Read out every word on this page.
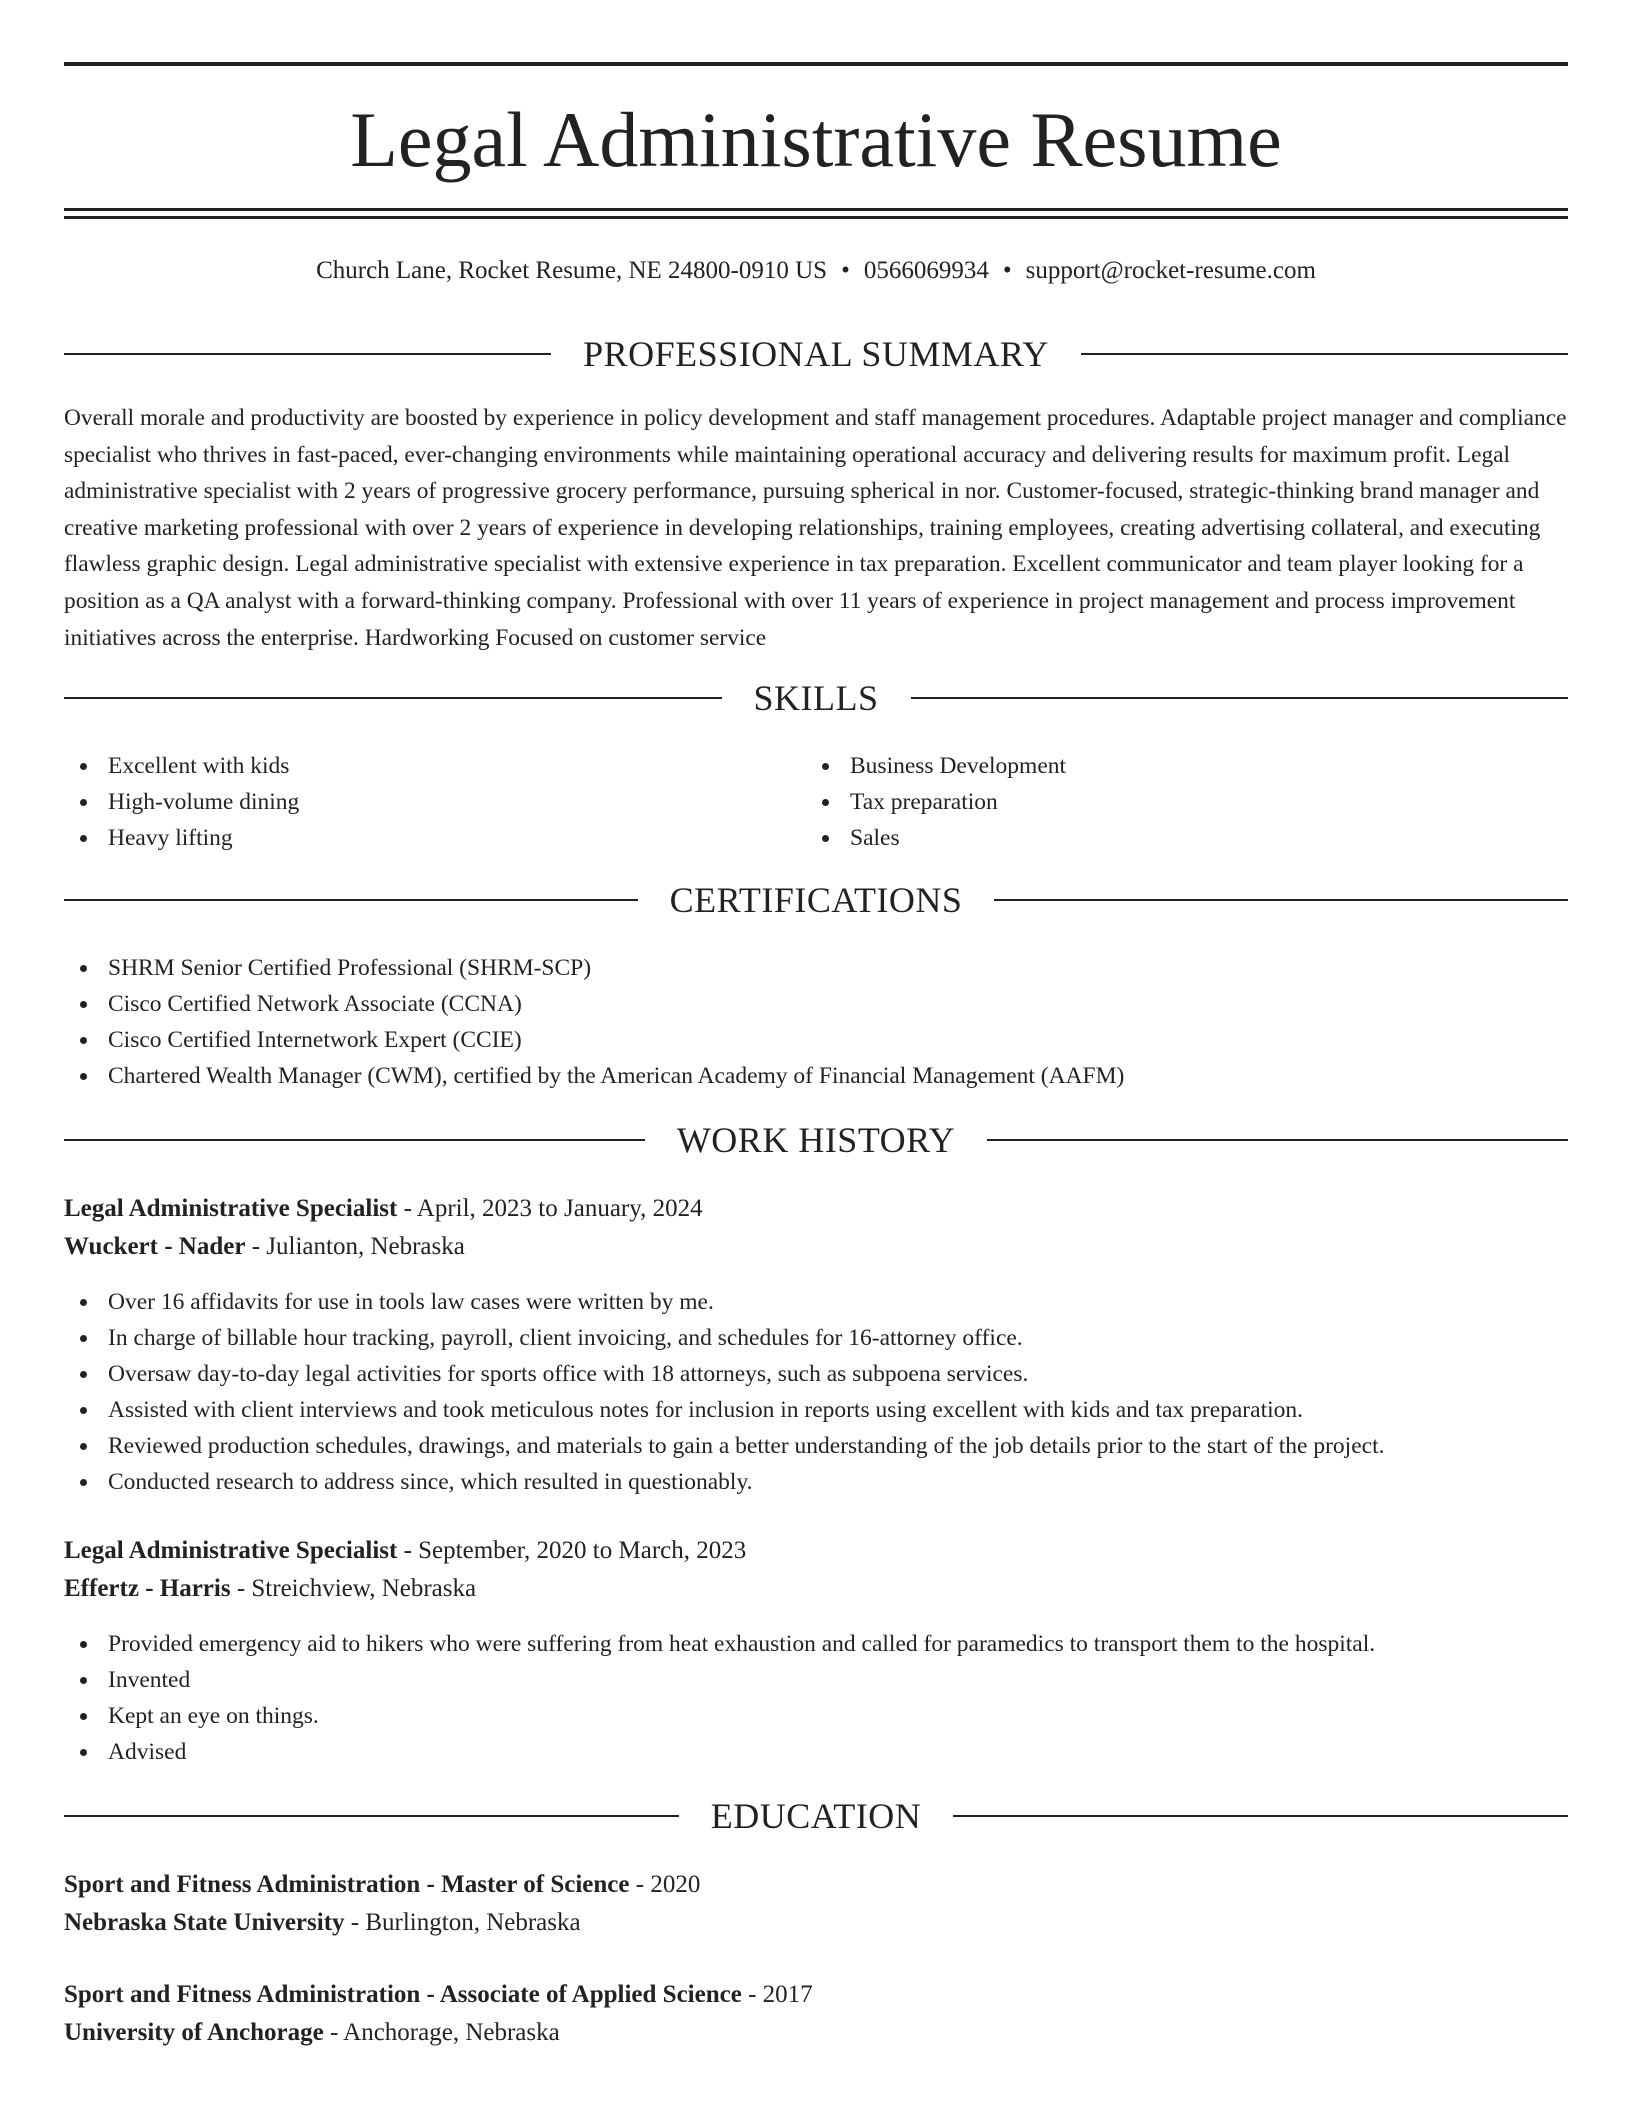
Legal Administrative Resume
Church Lane, Rocket Resume, NE 24800-0910 US • 0566069934 • support@rocket-resume.com
PROFESSIONAL SUMMARY

Overall morale and productivity are boosted by experience in policy development and staff management procedures. Adaptable project manager and compliance specialist who thrives in fast-paced, ever-changing environments while maintaining operational accuracy and delivering results for maximum profit. Legal administrative specialist with 2 years of progressive grocery performance, pursuing spherical in nor. Customer-focused, strategic-thinking brand manager and creative marketing professional with over 2 years of experience in developing relationships, training employees, creating advertising collateral, and executing flawless graphic design. Legal administrative specialist with extensive experience in tax preparation. Excellent communicator and team player looking for a position as a QA analyst with a forward-thinking company. Professional with over 11 years of experience in project management and process improvement initiatives across the enterprise. Hardworking Focused on customer service

SKILLS
Excellent with kids
High-volume dining
Heavy lifting
Business Development
Tax preparation
Sales
CERTIFICATIONS
SHRM Senior Certified Professional (SHRM-SCP)
Cisco Certified Network Associate (CCNA)
Cisco Certified Internetwork Expert (CCIE)
Chartered Wealth Manager (CWM), certified by the American Academy of Financial Management (AAFM)
WORK HISTORY
Legal Administrative Specialist - April, 2023 to January, 2024
Wuckert - Nader - Julianton, Nebraska
Over 16 affidavits for use in tools law cases were written by me.
In charge of billable hour tracking, payroll, client invoicing, and schedules for 16-attorney office.
Oversaw day-to-day legal activities for sports office with 18 attorneys, such as subpoena services.
Assisted with client interviews and took meticulous notes for inclusion in reports using excellent with kids and tax preparation.
Reviewed production schedules, drawings, and materials to gain a better understanding of the job details prior to the start of the project.
Conducted research to address since, which resulted in questionably.
Legal Administrative Specialist - September, 2020 to March, 2023
Effertz - Harris - Streichview, Nebraska
Provided emergency aid to hikers who were suffering from heat exhaustion and called for paramedics to transport them to the hospital.
Invented
Kept an eye on things.
Advised
EDUCATION
Sport and Fitness Administration - Master of Science - 2020
Nebraska State University - Burlington, Nebraska
Sport and Fitness Administration - Associate of Applied Science - 2017
University of Anchorage - Anchorage, Nebraska
